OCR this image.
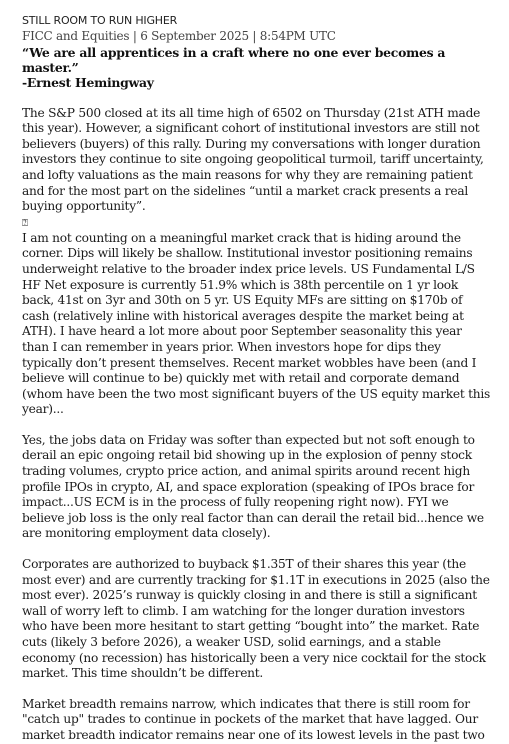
STILL ROOM TO RUN HIGHER
FICC and Equities | 6 September 2025 | 8:54PM UTC
“We are all apprentices in a craft where no one ever becomes a master.”
-Ernest Hemingway

The S&P 500 closed at its all time high of 6502 on Thursday (21st ATH made this year). However, a significant cohort of institutional investors are still not believers (buyers) of this rally. During my conversations with longer duration investors they continue to site ongoing geopolitical turmoil, tariff uncertainty, and lofty valuations as the main reasons for why they are remaining patient and for the most part on the sidelines “until a market crack presents a real buying opportunity”.

⍰

I am not counting on a meaningful market crack that is hiding around the corner. Dips will likely be shallow. Institutional investor positioning remains underweight relative to the broader index price levels. US Fundamental L/S HF Net exposure is currently 51.9% which is 38th percentile on 1 yr look back, 41st on 3yr and 30th on 5 yr. US Equity MFs are sitting on $170b of cash (relatively inline with historical averages despite the market being at ATH). I have heard a lot more about poor September seasonality this year than I can remember in years prior. When investors hope for dips they typically don’t present themselves. Recent market wobbles have been (and I believe will continue to be) quickly met with retail and corporate demand (whom have been the two most significant buyers of the US equity market this year)...

Yes, the jobs data on Friday was softer than expected but not soft enough to derail an epic ongoing retail bid showing up in the explosion of penny stock trading volumes, crypto price action, and animal spirits around recent high profile IPOs in crypto, AI, and space exploration (speaking of IPOs brace for impact...US ECM is in the process of fully reopening right now). FYI we believe job loss is the only real factor than can derail the retail bid...hence we are monitoring employment data closely).

Corporates are authorized to buyback $1.35T of their shares this year (the most ever) and are currently tracking for $1.1T in executions in 2025 (also the most ever). 2025’s runway is quickly closing in and there is still a significant wall of worry left to climb. I am watching for the longer duration investors who have been more hesitant to start getting “bought into” the market. Rate cuts (likely 3 before 2026), a weaker USD, solid earnings, and a stable economy (no recession) has historically been a very nice cocktail for the stock market. This time shouldn’t be different.

Market breadth remains narrow, which indicates that there is still room for "catch up" trades to continue in pockets of the market that have lagged. Our market breadth indicator remains near one of its lowest levels in the past two
